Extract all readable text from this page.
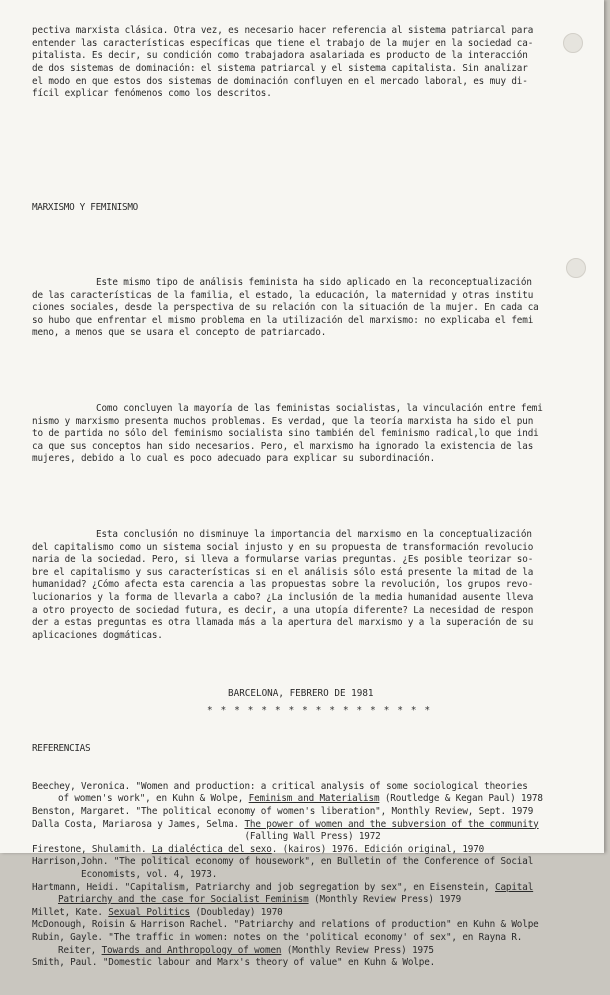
pectiva marxista clásica. Otra vez, es necesario hacer referencia al sistema patriarcal para
entender las características específicas que tiene el trabajo de la mujer en la sociedad ca-
pitalista. Es decir, su condición como trabajadora asalariada es producto de la interacción
de dos sistemas de dominación: el sistema patriarcal y el sistema capitalista. Sin analizar
el modo en que estos dos sistemas de dominación confluyen en el mercado laboral, es muy di-
fícil explicar fenómenos como los descritos.

MARXISMO Y FEMINISMO

Este mismo tipo de análisis feminista ha sido aplicado en la reconceptualización
de las características de la familia, el estado, la educación, la maternidad y otras institu
ciones sociales, desde la perspectiva de su relación con la situación de la mujer. En cada ca
so hubo que enfrentar el mismo problema en la utilización del marxismo: no explicaba el femi
meno, a menos que se usara el concepto de patriarcado.

Como concluyen la mayoría de las feministas socialistas, la vinculación entre femi
nismo y marxismo presenta muchos problemas. Es verdad, que la teoría marxista ha sido el pun
to de partida no sólo del feminismo socialista sino también del feminismo radical,lo que indi
ca que sus conceptos han sido necesarios. Pero, el marxismo ha ignorado la existencia de las
mujeres, debido a lo cual es poco adecuado para explicar su subordinación.

Esta conclusión no disminuye la importancia del marxismo en la conceptualización
del capitalismo como un sistema social injusto y en su propuesta de transformación revolucio
naria de la sociedad. Pero, si lleva a formularse varias preguntas. ¿Es posible teorizar so-
bre el capitalismo y sus características si en el análisis sólo está presente la mitad de la
humanidad? ¿Cómo afecta esta carencia a las propuestas sobre la revolución, los grupos revo-
lucionarios y la forma de llevarla a cabo? ¿La inclusión de la media humanidad ausente lleva
a otro proyecto de sociedad futura, es decir, a una utopía diferente? La necesidad de respon
der a estas preguntas es otra llamada más a la apertura del marxismo y a la superación de su
aplicaciones dogmáticas.

* * * * * * * * * * * * * * * * *

REFERENCIAS

Beechey, Veronica. "Women and production: a critical analysis of some sociological theories
of women's work", en Kuhn & Wolpe, Feminism and Materialism (Routledge & Kegan Paul) 1978
Benston, Margaret. "The political economy of women's liberation", Monthly Review, Sept. 1979
Dalla Costa, Mariarosa y James, Selma. The power of women and the subversion of the community
(Falling Wall Press) 1972
Firestone, Shulamith. La dialéctica del sexo. (kairos) 1976. Edición original, 1970
Harrison,John. "The political economy of housework", en Bulletin of the Conference of Social
Economists, vol. 4, 1973.
Hartmann, Heidi. "Capitalism, Patriarchy and job segregation by sex", en Eisenstein, Capital
Patriarchy and the case for Socialist Feminism (Monthly Review Press) 1979
Millet, Kate. Sexual Politics (Doubleday) 1970
McDonough, Roisin & Harrison Rachel. "Patriarchy and relations of production" en Kuhn & Wolpe
Rubin, Gayle. "The traffic in women: notes on the 'political economy' of sex", en Rayna R.
Reiter, Towards and Anthropology of women (Monthly Review Press) 1975
Smith, Paul. "Domestic labour and Marx's theory of value" en Kuhn & Wolpe.

BARCELONA, FEBRERO DE 1981
